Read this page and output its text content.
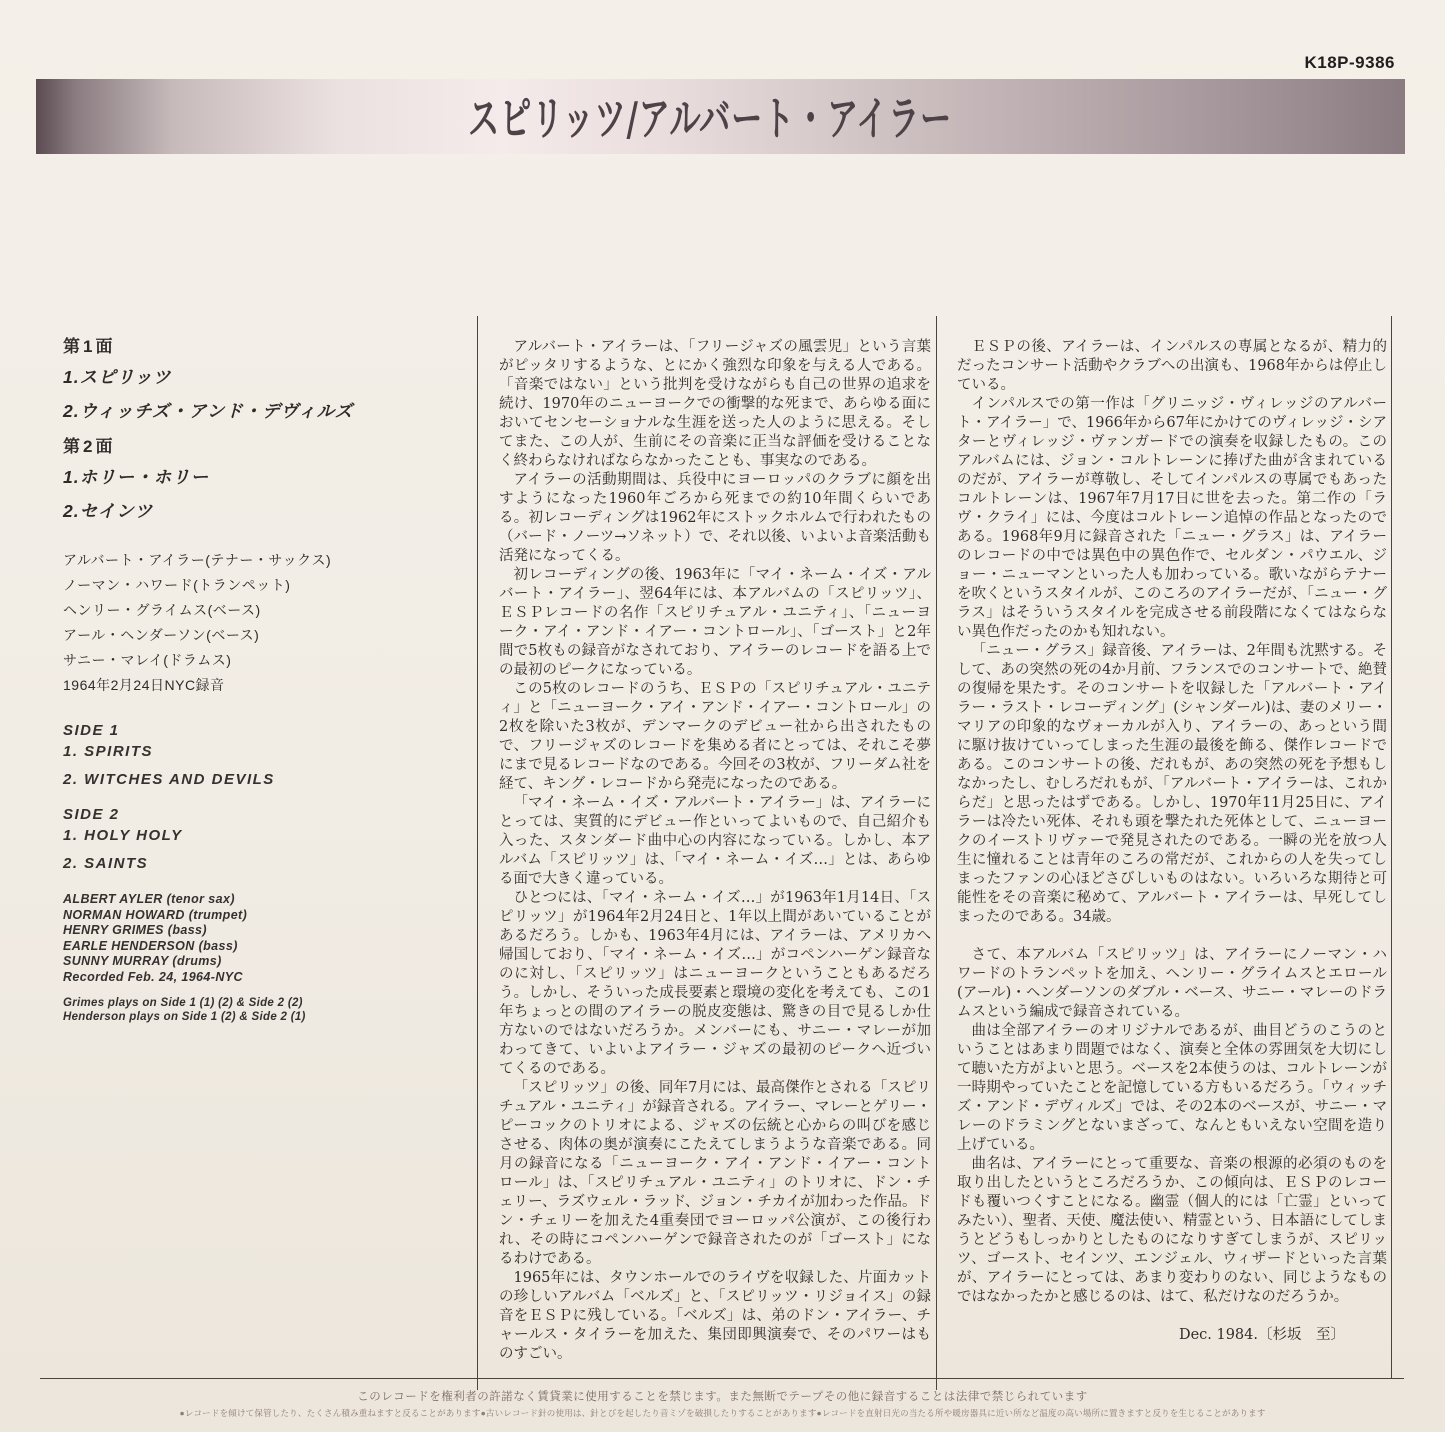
K18P-9386
スピリッツ/アルバート・アイラー
第1面
1.スピリッツ
2.ウィッチズ・アンド・デヴィルズ
第2面
1.ホリー・ホリー
2.セインツ
アルバート・アイラー(テナー・サックス)
ノーマン・ハワード(トランペット)
ヘンリー・グライムス(ベース)
アール・ヘンダーソン(ベース)
サニー・マレイ(ドラムス)
1964年2月24日NYC録音
SIDE 1
1. SPIRITS
2. WITCHES AND DEVILS
SIDE 2
1. HOLY HOLY
2. SAINTS
ALBERT AYLER (tenor sax)
NORMAN HOWARD (trumpet)
HENRY GRIMES (bass)
EARLE HENDERSON (bass)
SUNNY MURRAY (drums)
Recorded Feb. 24, 1964-NYC
Grimes plays on Side 1 (1) (2) & Side 2 (2)
Henderson plays on Side 1 (2) & Side 2 (1)

アルバート・アイラーは、「フリージャズの風雲児」という言葉がピッタリするような、とにかく強烈な印象を与える人である。「音楽ではない」という批判を受けながらも自己の世界の追求を続け、1970年のニューヨークでの衝撃的な死まで、あらゆる面においてセンセーショナルな生涯を送った人のように思える。そしてまた、この人が、生前にその音楽に正当な評価を受けることなく終わらなければならなかったことも、事実なのである。

アイラーの活動期間は、兵役中にヨーロッパのクラブに顔を出すようになった1960年ごろから死までの約10年間くらいである。初レコーディングは1962年にストックホルムで行われたもの（バード・ノーツ→ソネット）で、それ以後、いよいよ音楽活動も活発になってくる。

初レコーディングの後、1963年に「マイ・ネーム・イズ・アルバート・アイラー」、翌64年には、本アルバムの「スピリッツ」、ＥＳＰレコードの名作「スピリチュアル・ユニティ」、「ニューヨーク・アイ・アンド・イアー・コントロール」、「ゴースト」と2年間で5枚もの録音がなされており、アイラーのレコードを語る上での最初のピークになっている。

この5枚のレコードのうち、ＥＳＰの「スピリチュアル・ユニティ」と「ニューヨーク・アイ・アンド・イアー・コントロール」の2枚を除いた3枚が、デンマークのデビュー社から出されたもので、フリージャズのレコードを集める者にとっては、それこそ夢にまで見るレコードなのである。今回その3枚が、フリーダム社を経て、キング・レコードから発売になったのである。

「マイ・ネーム・イズ・アルバート・アイラー」は、アイラーにとっては、実質的にデビュー作といってよいもので、自己紹介も入った、スタンダード曲中心の内容になっている。しかし、本アルバム「スピリッツ」は、「マイ・ネーム・イズ…」とは、あらゆる面で大きく違っている。

ひとつには、「マイ・ネーム・イズ…」が1963年1月14日、「スピリッツ」が1964年2月24日と、1年以上間があいていることがあるだろう。しかも、1963年4月には、アイラーは、アメリカへ帰国しており、「マイ・ネーム・イズ…」がコペンハーゲン録音なのに対し、「スピリッツ」はニューヨークということもあるだろう。しかし、そういった成長要素と環境の変化を考えても、この1年ちょっとの間のアイラーの脱皮変態は、驚きの目で見るしか仕方ないのではないだろうか。メンバーにも、サニー・マレーが加わってきて、いよいよアイラー・ジャズの最初のピークへ近づいてくるのである。

「スピリッツ」の後、同年7月には、最高傑作とされる「スピリチュアル・ユニティ」が録音される。アイラー、マレーとゲリー・ピーコックのトリオによる、ジャズの伝統と心からの叫びを感じさせる、肉体の奥が演奏にこたえてしまうような音楽である。同月の録音になる「ニューヨーク・アイ・アンド・イアー・コントロール」は、「スピリチュアル・ユニティ」のトリオに、ドン・チェリー、ラズウェル・ラッド、ジョン・チカイが加わった作品。ドン・チェリーを加えた4重奏団でヨーロッパ公演が、この後行われ、その時にコペンハーゲンで録音されたのが「ゴースト」になるわけである。

1965年には、タウンホールでのライヴを収録した、片面カットの珍しいアルバム「ベルズ」と、「スピリッツ・リジョイス」の録音をＥＳＰに残している。「ベルズ」は、弟のドン・アイラー、チャールス・タイラーを加えた、集団即興演奏で、そのパワーはものすごい。

ＥＳＰの後、アイラーは、インパルスの専属となるが、精力的だったコンサート活動やクラブへの出演も、1968年からは停止している。

インパルスでの第一作は「グリニッジ・ヴィレッジのアルバート・アイラー」で、1966年から67年にかけてのヴィレッジ・シアターとヴィレッジ・ヴァンガードでの演奏を収録したもの。このアルバムには、ジョン・コルトレーンに捧げた曲が含まれているのだが、アイラーが尊敬し、そしてインパルスの専属でもあったコルトレーンは、1967年7月17日に世を去った。第二作の「ラヴ・クライ」には、今度はコルトレーン追悼の作品となったのである。1968年9月に録音された「ニュー・グラス」は、アイラーのレコードの中では異色中の異色作で、セルダン・パウエル、ジョー・ニューマンといった人も加わっている。歌いながらテナーを吹くというスタイルが、このころのアイラーだが、「ニュー・グラス」はそういうスタイルを完成させる前段階になくてはならない異色作だったのかも知れない。

「ニュー・グラス」録音後、アイラーは、2年間も沈黙する。そして、あの突然の死の4か月前、フランスでのコンサートで、絶賛の復帰を果たす。そのコンサートを収録した「アルバート・アイラー・ラスト・レコーディング」(シャンダール)は、妻のメリー・マリアの印象的なヴォーカルが入り、アイラーの、あっという間に駆け抜けていってしまった生涯の最後を飾る、傑作レコードである。このコンサートの後、だれもが、あの突然の死を予想もしなかったし、むしろだれもが、「アルバート・アイラーは、これからだ」と思ったはずである。しかし、1970年11月25日に、アイラーは冷たい死体、それも頭を撃たれた死体として、ニューヨークのイーストリヴァーで発見されたのである。一瞬の光を放つ人生に憧れることは青年のころの常だが、これからの人を失ってしまったファンの心ほどさびしいものはない。いろいろな期待と可能性をその音楽に秘めて、アルバート・アイラーは、早死してしまったのである。34歳。

さて、本アルバム「スピリッツ」は、アイラーにノーマン・ハワードのトランペットを加え、ヘンリー・グライムスとエロール(アール)・ヘンダーソンのダブル・ベース、サニー・マレーのドラムスという編成で録音されている。

曲は全部アイラーのオリジナルであるが、曲目どうのこうのということはあまり問題ではなく、演奏と全体の雰囲気を大切にして聴いた方がよいと思う。ベースを2本使うのは、コルトレーンが一時期やっていたことを記憶している方もいるだろう。「ウィッチズ・アンド・デヴィルズ」では、その2本のベースが、サニー・マレーのドラミングとないまざって、なんともいえない空間を造り上げている。

曲名は、アイラーにとって重要な、音楽の根源的必須のものを取り出したというところだろうか、この傾向は、ＥＳＰのレコードも覆いつくすことになる。幽霊（個人的には「亡霊」といってみたい）、聖者、天使、魔法使い、精霊という、日本語にしてしまうとどうもしっかりとしたものになりすぎてしまうが、スピリッツ、ゴースト、セインツ、エンジェル、ウィザードといった言葉が、アイラーにとっては、あまり変わりのない、同じようなものではなかったかと感じるのは、はて、私だけなのだろうか。

Dec. 1984.〔杉坂　至〕

このレコードを権利者の許諾なく賃貸業に使用することを禁じます。また無断でテープその他に録音することは法律で禁じられています
●レコードを傾けて保管したり、たくさん積み重ねますと反ることがあります●古いレコード針の使用は、針とびを起したり音ミゾを破損したりすることがあります●レコードを直射日光の当たる所や暖房器具に近い所など温度の高い場所に置きますと反りを生じることがあります
